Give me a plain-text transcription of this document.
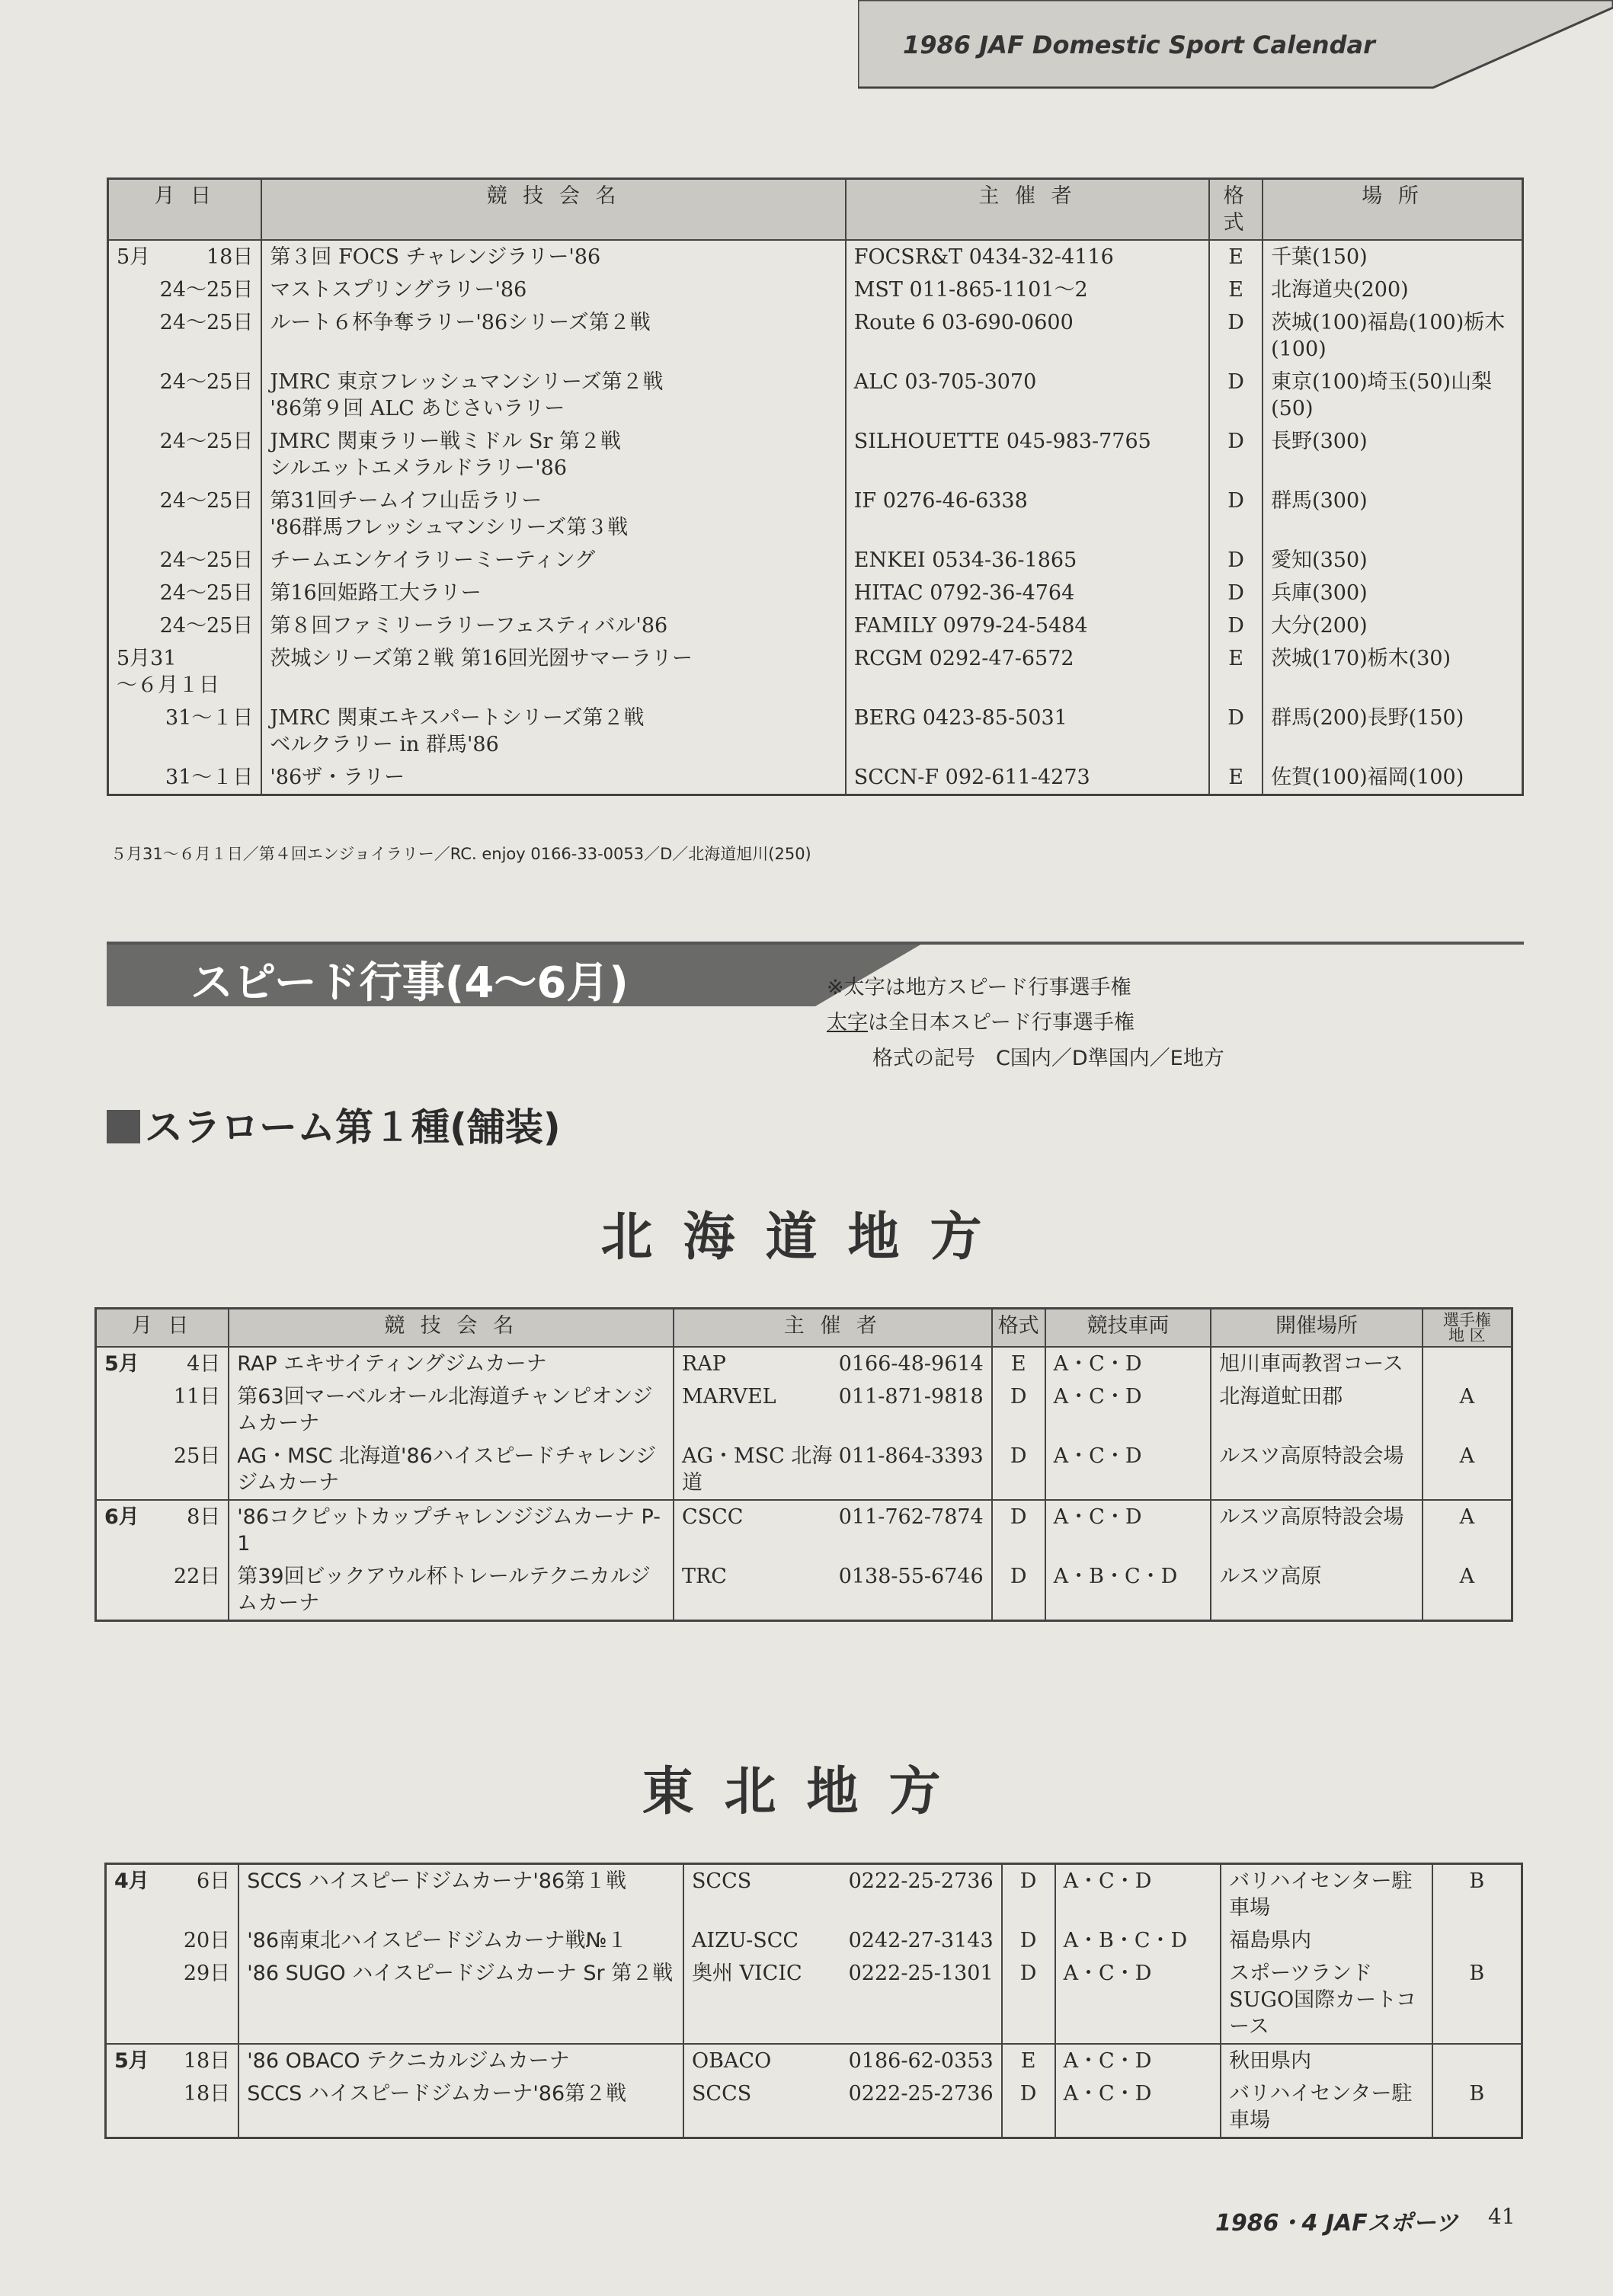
1986 JAF Domestic Sport Calendar
月 日	競 技 会 名	主 催 者	格式	場 所

5月 18日	第３回 FOCS チャレンジラリー'86	FOCSR&T 0434-32-4116	E	千葉(150)

24～25日	マストスプリングラリー'86	MST 011-865-1101～2	E	北海道央(200)

24～25日	ルート６杯争奪ラリー'86シリーズ第２戦	Route 6 03-690-0600	D	茨城(100)福島(100)栃木(100)

24～25日	JMRC 東京フレッシュマンシリーズ第２戦
'86第９回 ALC あじさいラリー	ALC 03-705-3070	D	東京(100)埼玉(50)山梨(50)

24～25日	JMRC 関東ラリー戦ミドル Sr 第２戦
シルエットエメラルドラリー'86	SILHOUETTE 045-983-7765	D	長野(300)

24～25日	第31回チームイフ山岳ラリー
'86群馬フレッシュマンシリーズ第３戦	IF 0276-46-6338	D	群馬(300)

24～25日	チームエンケイラリーミーティング	ENKEI 0534-36-1865	D	愛知(350)

24～25日	第16回姫路工大ラリー	HITAC 0792-36-4764	D	兵庫(300)

24～25日	第８回ファミリーラリーフェスティバル'86	FAMILY 0979-24-5484	D	大分(200)
5月31
～６月１日	茨城シリーズ第２戦 第16回光圀サマーラリー	RCGM 0292-47-6572	E	茨城(170)栃木(30)

31～１日	JMRC 関東エキスパートシリーズ第２戦
ベルクラリー in 群馬'86	BERG 0423-85-5031	D	群馬(200)長野(150)

31～１日	'86ザ・ラリー	SCCN-F 092-611-4273	E	佐賀(100)福岡(100)
５月31～６月１日／第４回エンジョイラリー／RC. enjoy 0166-33-0053／D／北海道旭川(250)
スピード行事(4～6月)	※太字は地方スピード行事選手権
太字は全日本スピード行事選手権
格式の記号　C国内／D準国内／E地方
スラローム第１種(舗装)
北海道地方
月 日	競 技 会 名	主 催 者	格式	競技車両	開催場所	選手権
地 区

5月 4日	RAP エキサイティングジムカーナ	RAP 0166-48-9614	E	A・C・D	旭川車両教習コース	

11日	第63回マーベルオール北海道チャンピオンジムカーナ	MARVEL 011-871-9818	D	A・C・D	北海道虻田郡	A

25日	AG・MSC 北海道'86ハイスピードチャレンジジムカーナ	AG・MSC 北海道
011-864-3393	D	A・C・D	ルスツ高原特設会場	A

6月 8日	'86コクピットカップチャレンジジムカーナ P-1	CSCC 011-762-7874	D	A・C・D	ルスツ高原特設会場	A

22日	第39回ビックアウル杯トレールテクニカルジムカーナ	TRC 0138-55-6746	D	A・B・C・D	ルスツ高原	A
東北地方
4月 6日	SCCS ハイスピードジムカーナ'86第１戦	SCCS 0222-25-2736	D	A・C・D	バリハイセンター駐車場	B

20日	'86南東北ハイスピードジムカーナ戦№１	AIZU-SCC 0242-27-3143	D	A・B・C・D	福島県内	

29日	'86 SUGO ハイスピードジムカーナ Sr 第２戦	奥州 VICIC 0222-25-1301	D	A・C・D	スポーツランドSUGO国際カートコース	B

5月 18日	'86 OBACO テクニカルジムカーナ	OBACO 0186-62-0353	E	A・C・D	秋田県内	

18日	SCCS ハイスピードジムカーナ'86第２戦	SCCS 0222-25-2736	D	A・C・D	バリハイセンター駐車場	B
1986・4 JAFスポーツ 41
